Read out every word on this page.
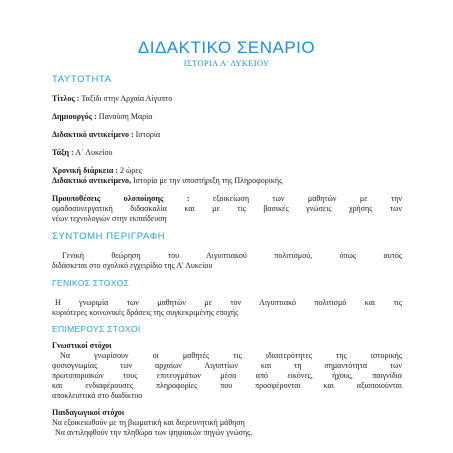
ΔΙΔΑΚΤΙΚΟ ΣΕΝΑΡΙΟ
ΙΣΤΟΡΙΑ Α' ΛΥΚΕΙΟΥ
ΤΑΥΤΟΤΗΤΑ
Τίτλος : Ταξίδι στην Αρχαία Αίγυπτο
Δημιουργός : Πανούση Μαρία
Διδακτικό αντικείμενο : Ιστορία
Τάξη : Α΄ Λυκείου
Χρονική διάρκεια : 2 ώρες
Διδακτικό αντικείμενο, Ιστορία με την υποστήριξη της Πληροφορικής
Προυποθέσεις υλοποίησης :	εξοικείωση των μαθητών με την
ομαδοσυνεργατική διδασκαλία και με τις βασικές γνώσεις χρήσης των
νέων τεχνολογιών στην εκπαίδευση
ΣΥΝΤΟΜΗ ΠΕΡΙΓΡΑΦΗ
Γενική θεώρηση του Αιγυπτιακού πολιτισμού, όπως αυτός
διδάσκεται στο σχολικό εγχειρίδιο της Α' Λυκείου
ΓΕΝΙΚΟΣ ΣΤΟΧΟΣ
Η γνωριμία των μαθητών με τον Αιγυπτιακό πολιτισμό και τις
κυριότερες κοινωνικές δράσεις της συγκεκριμένης εποχής
ΕΠΙΜΕΡΟΥΣ ΣΤΟΧΟΙ
Γνωστικοί στόχοι
Να γνωρίσουν οι μαθητές τις ιδιαιτερότητες της ιστορικής
φυσιογνωμίας των αρχαίων Αιγυπτίων και τη σημαντότητα των
πρωτοποριακών τους επιτευγμάτων μέσα από εικόνες, ήχους, παιγνίδια
και ενδιαφέρουσες πληροφορίες που προσφέρονται και αξιοποιούνται
αποκλειστικά στο διαδίκτυο
Παιδαγωγικοί στόχοι
Να εξοικειωθούν με τη βιωματική και διερευνητική μάθηση
Να αντιληφθούν την πληθώρα των ψηφιακών πηγών γνώσης.
